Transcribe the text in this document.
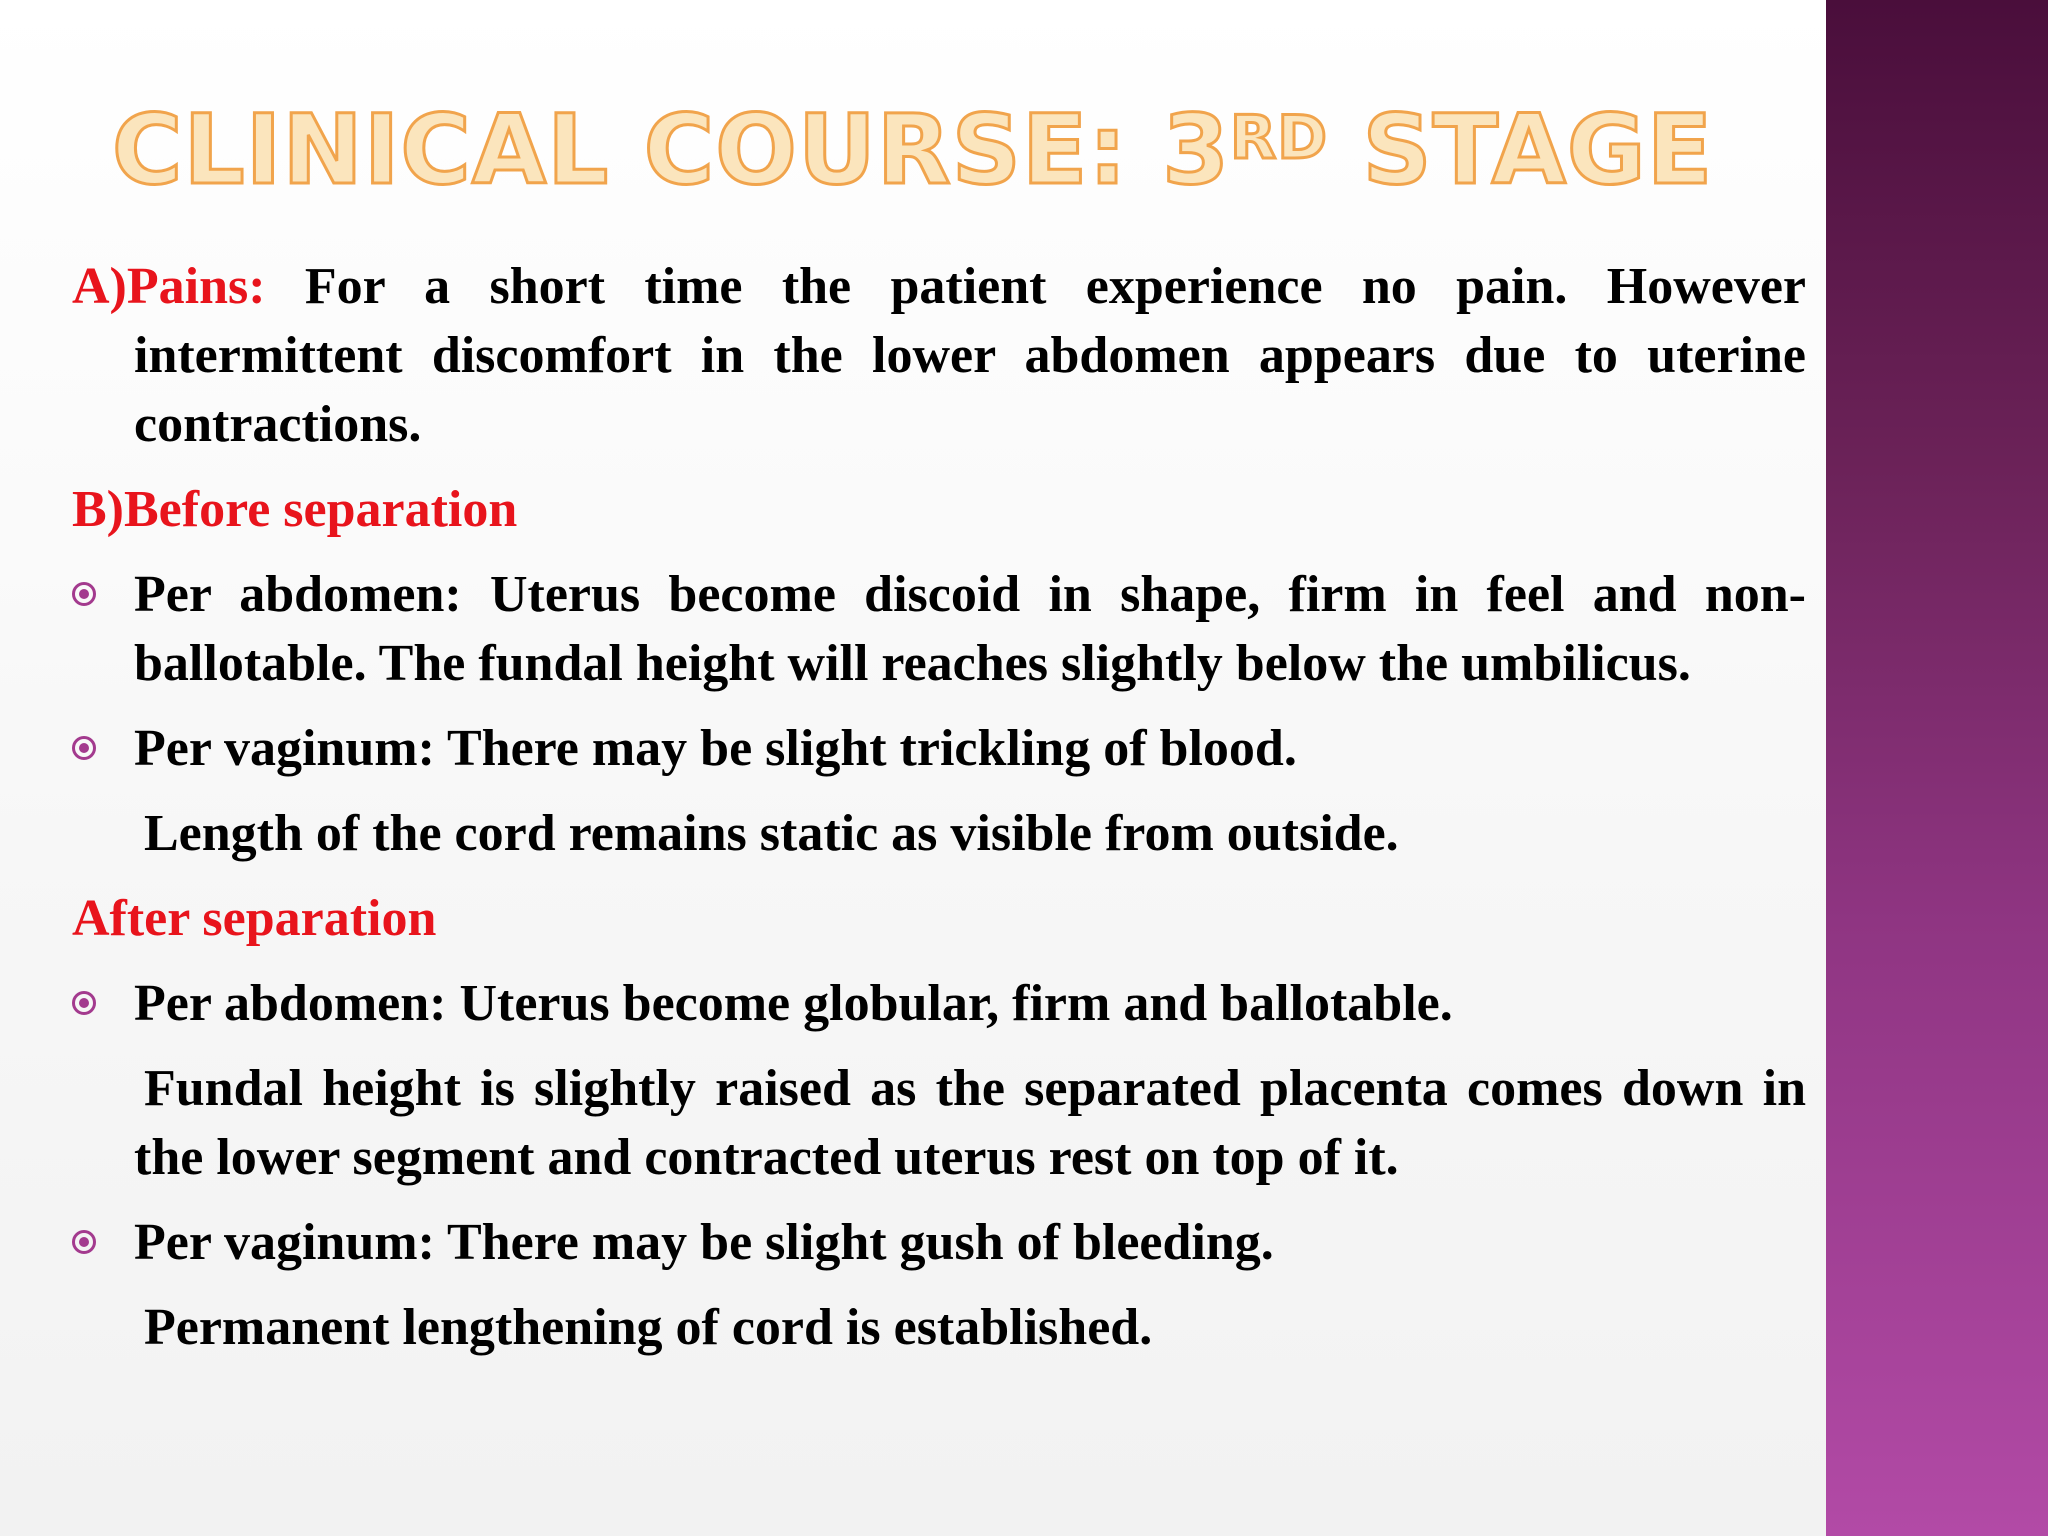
CLINICAL COURSE: 3RD STAGE

A)Pains: For a short time the patient experience no pain. However intermittent discomfort in the lower abdomen appears due to uterine contractions.

B)Before separation

Per abdomen: Uterus become discoid in shape, firm in feel and non-ballotable. The fundal height will reaches slightly below the umbilicus.
Per vaginum: There may be slight trickling of blood.

Length of the cord remains static as visible from outside.

After separation

Per abdomen: Uterus become globular, firm and ballotable.

Fundal height is slightly raised as the separated placenta comes down in the lower segment and contracted uterus rest on top of it.

Per vaginum: There may be slight gush of bleeding.

Permanent lengthening of cord is established.
